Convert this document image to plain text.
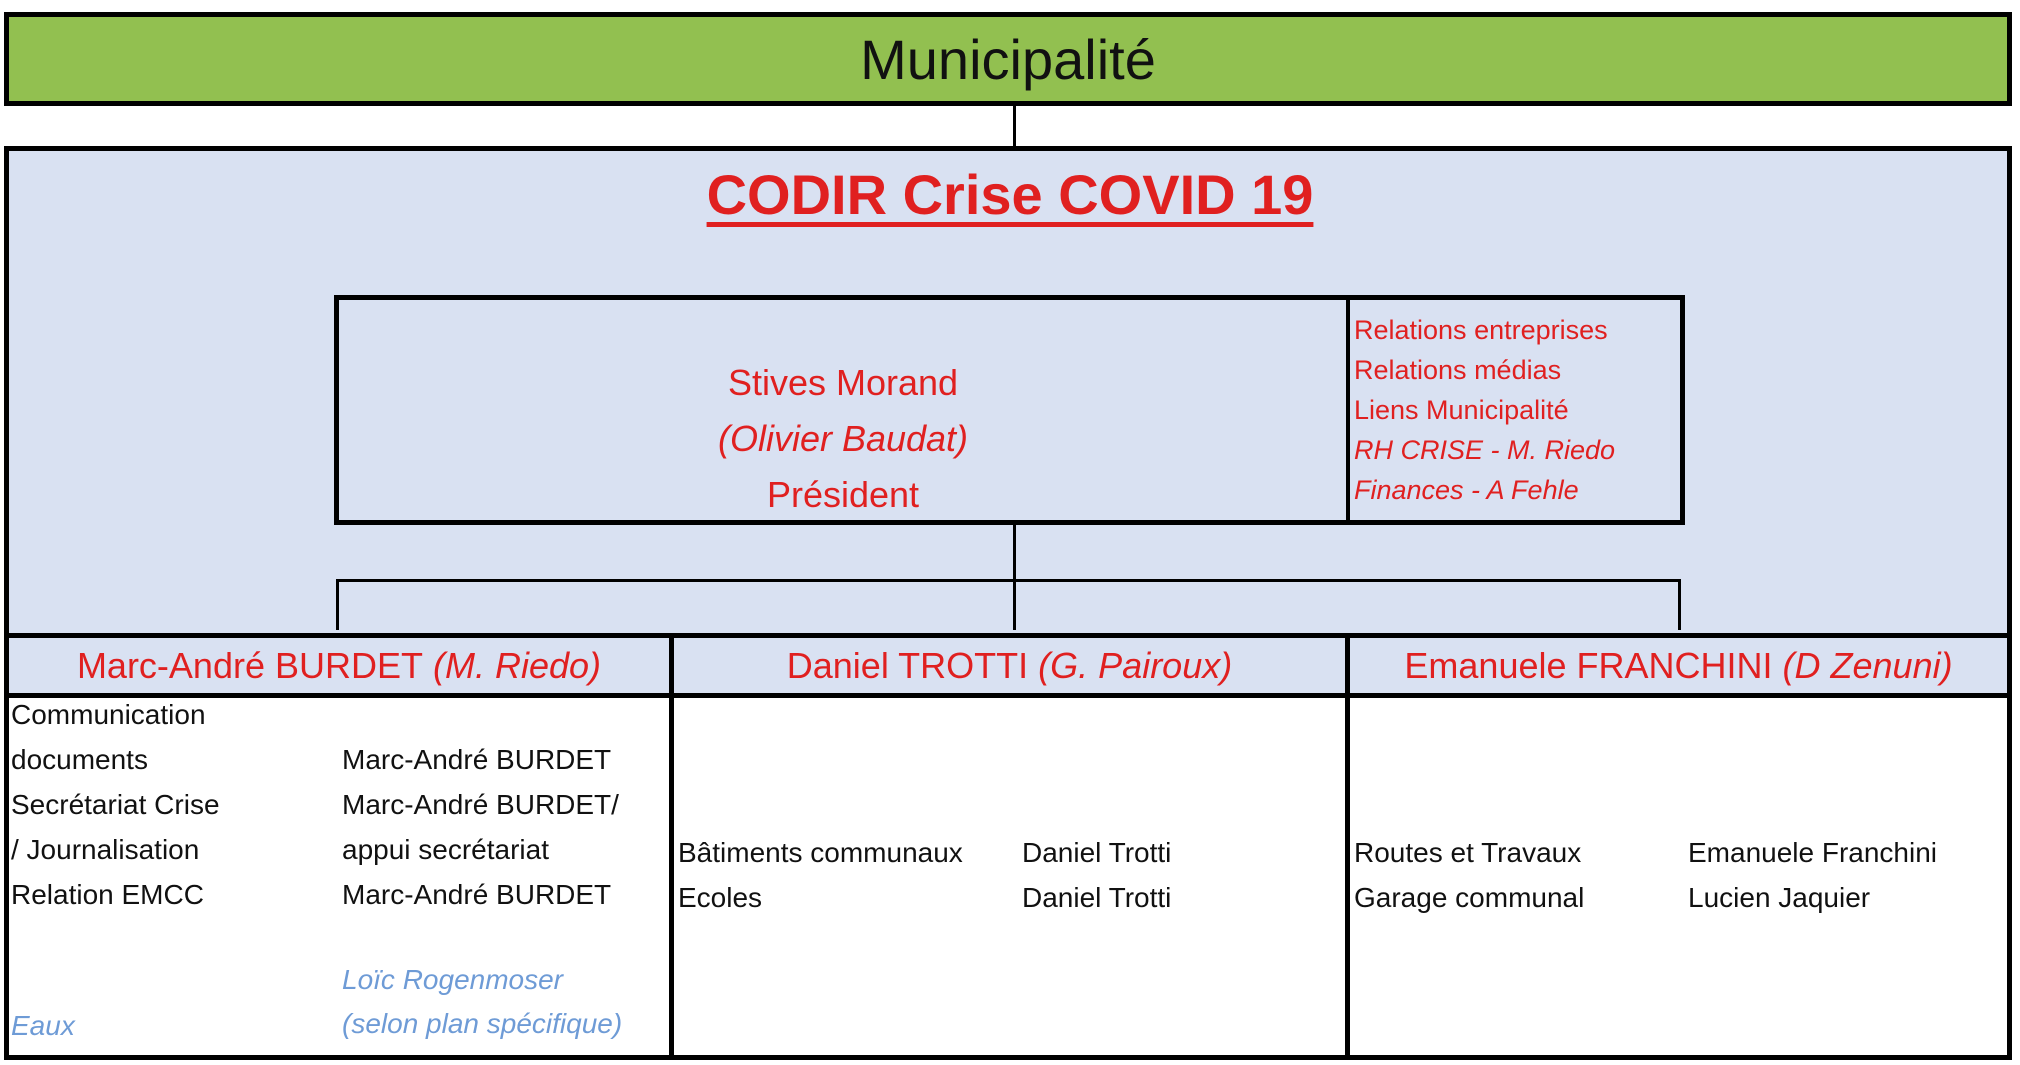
Municipalité
CODIR Crise COVID 19
Stives Morand
(Olivier Baudat)
Président
Relations entreprises
Relations médias
Liens Municipalité
RH CRISE - M. Riedo
Finances - A Fehle
Marc-André BURDET
(M. Riedo)	Daniel TROTTI
(G. Pairoux)	Emanuele FRANCHINI
(D Zenuni)
Communication
documents
Secrétariat Crise
/ Journalisation
Relation EMCC
Marc-André BURDET
Marc-André BURDET/
appui secrétariat
Marc-André BURDET
Eaux
Loïc Rogenmoser
(selon plan spécifique)
Bâtiments communaux
Ecoles
Daniel Trotti
Daniel Trotti
Routes et Travaux
Garage communal
Emanuele Franchini
Lucien Jaquier
